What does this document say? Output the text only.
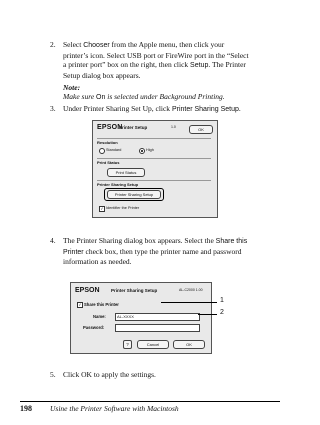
2. Select Chooser from the Apple menu, then click your
printer’s icon. Select USB port or FireWire port in the “Select
a printer port” box on the right, then click Setup. The Printer
Setup dialog box appears.
Note:
Make sure On is selected under Background Printing.
3. Under Printer Sharing Set Up, click Printer Sharing Setup.
EPSON
Printer Setup	1.0	OK
Resolution
Standard	High
Print Status
Print Status
Printer Sharing Setup
Printer Sharing Setup
✓ Identifier the Printer
4. The Printer Sharing dialog box appears. Select the Share this
Printer check box, then type the printer name and password
information as needed.
EPSON	Printer Sharing Setup	AL-C2000 1.00
✓ Share this Printer
Name:	AL-XXXX
Password:
?	Cancel	OK
1
2
5. Click OK to apply the settings.
198 Usine the Printer Software with Macintosh
